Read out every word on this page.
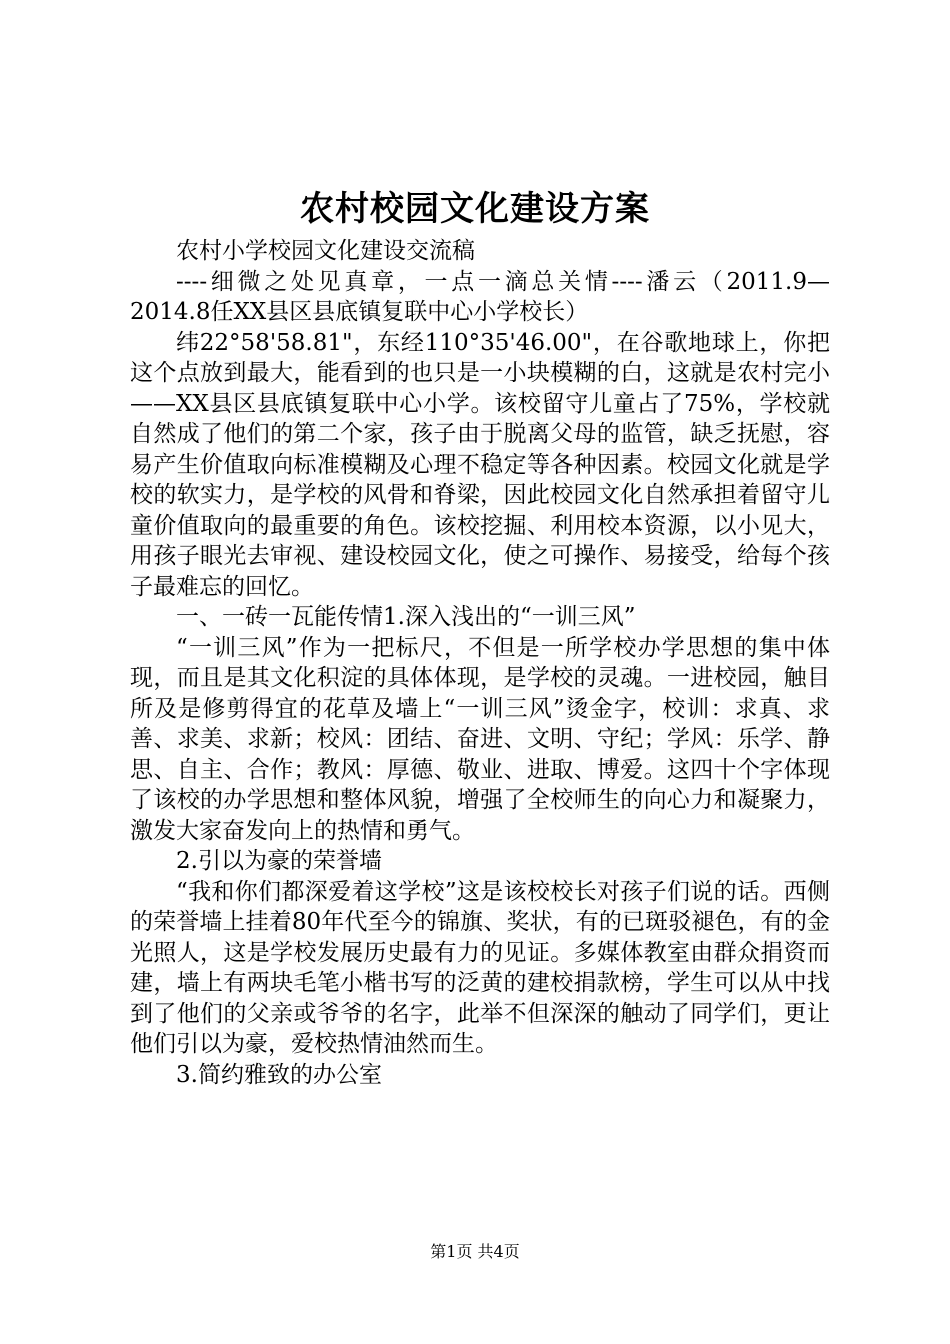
农村校园文化建设方案

农村小学校园文化建设交流稿

----细微之处见真章，一点一滴总关情----潘云（2011.9—2014.8任XX县区县底镇复联中心小学校长）

纬22°58'58.81"，东经110°35'46.00"，在谷歌地球上，你把这个点放到最大，能看到的也只是一小块模糊的白，这就是农村完小——XX县区县底镇复联中心小学。该校留守儿童占了75%，学校就自然成了他们的第二个家，孩子由于脱离父母的监管，缺乏抚慰，容易产生价值取向标准模糊及心理不稳定等各种因素。校园文化就是学校的软实力，是学校的风骨和脊梁，因此校园文化自然承担着留守儿童价值取向的最重要的角色。该校挖掘、利用校本资源，以小见大，用孩子眼光去审视、建设校园文化，使之可操作、易接受，给每个孩子最难忘的回忆。

一、一砖一瓦能传情1.深入浅出的“一训三风”

“一训三风”作为一把标尺，不但是一所学校办学思想的集中体现，而且是其文化积淀的具体体现，是学校的灵魂。一进校园，触目所及是修剪得宜的花草及墙上“一训三风”烫金字，校训：求真、求善、求美、求新；校风：团结、奋进、文明、守纪；学风：乐学、静思、自主、合作；教风：厚德、敬业、进取、博爱。这四十个字体现了该校的办学思想和整体风貌，增强了全校师生的向心力和凝聚力，激发大家奋发向上的热情和勇气。

2.引以为豪的荣誉墙

“我和你们都深爱着这学校”这是该校校长对孩子们说的话。西侧的荣誉墙上挂着80年代至今的锦旗、奖状，有的已斑驳褪色，有的金光照人，这是学校发展历史最有力的见证。多媒体教室由群众捐资而建，墙上有两块毛笔小楷书写的泛黄的建校捐款榜，学生可以从中找到了他们的父亲或爷爷的名字，此举不但深深的触动了同学们，更让他们引以为豪，爱校热情油然而生。

3.简约雅致的办公室

第1页 共4页
